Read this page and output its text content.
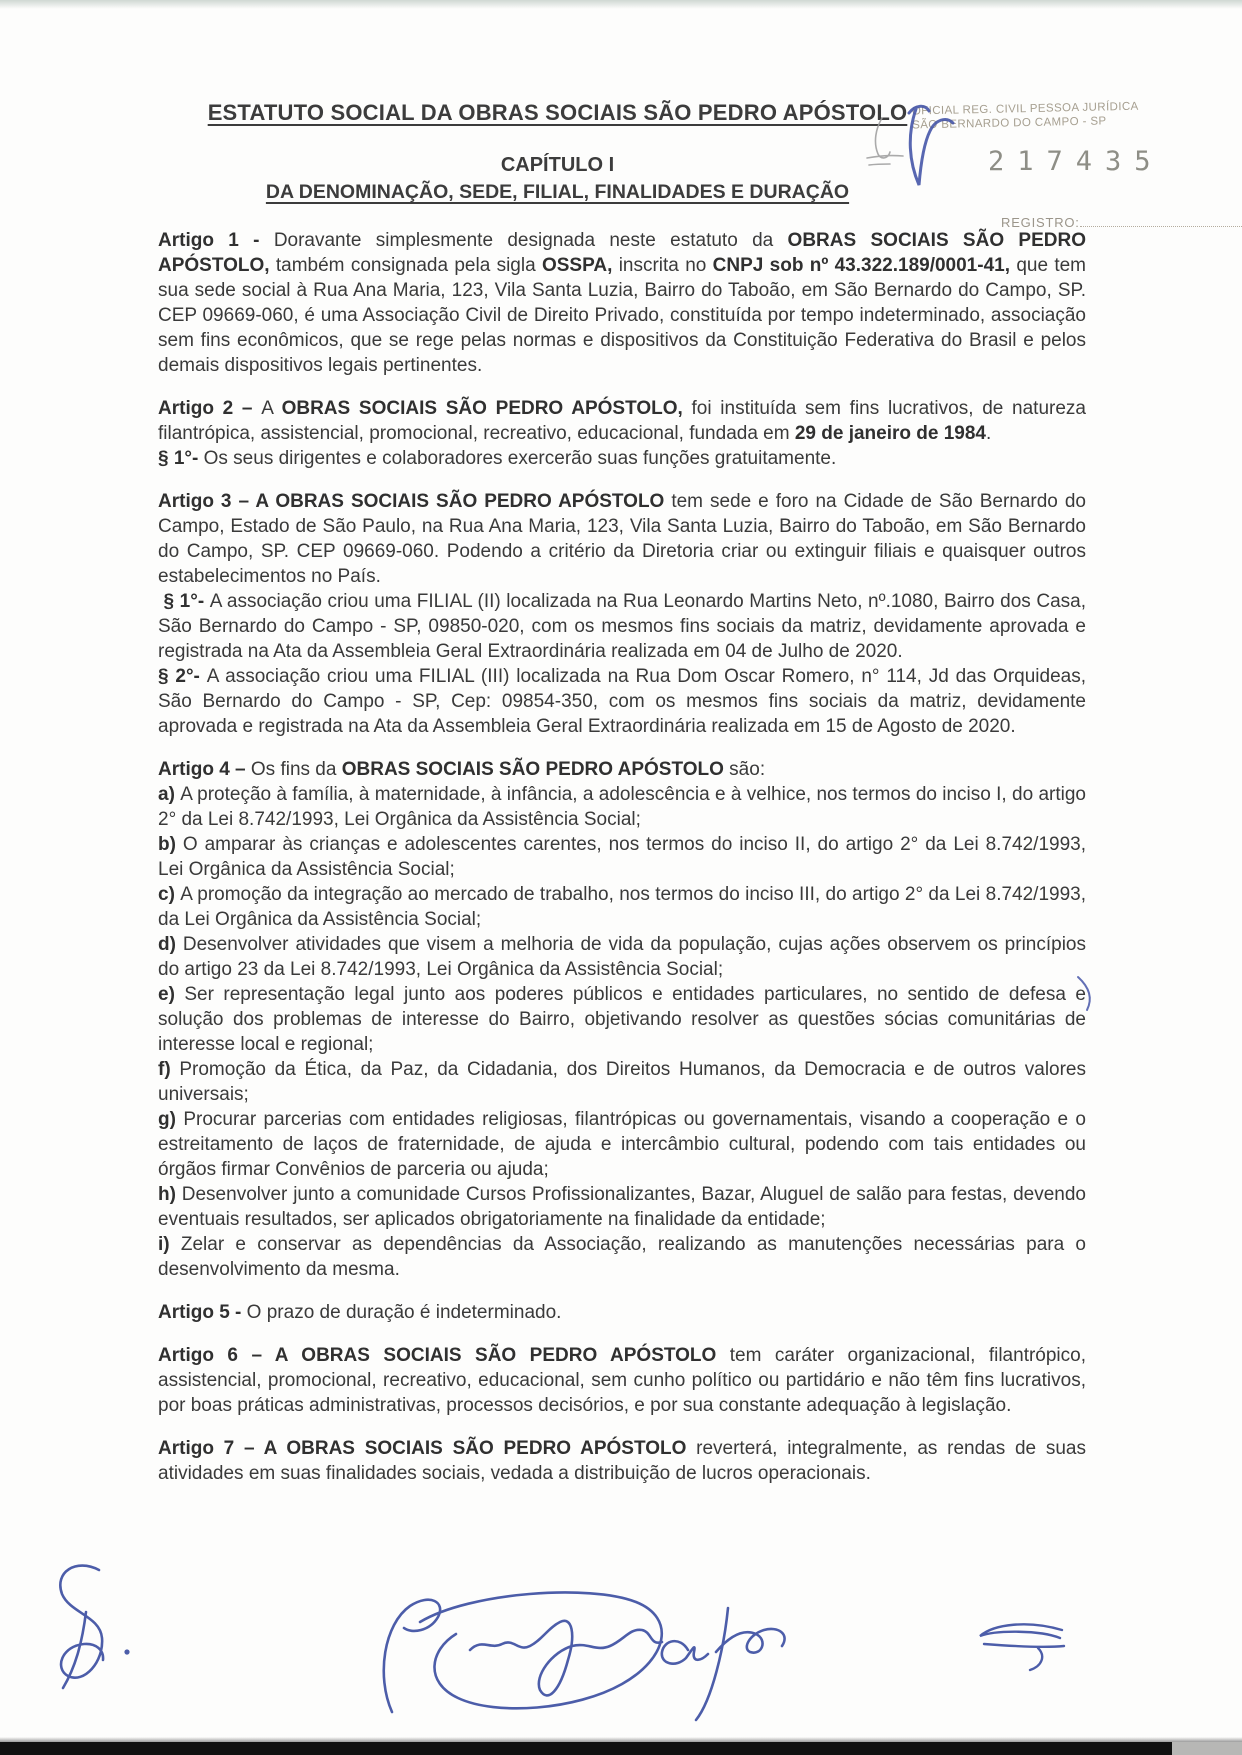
ESTATUTO SOCIAL DA OBRAS SOCIAIS SÃO PEDRO APÓSTOLO
CAPÍTULO I
DA DENOMINAÇÃO, SEDE, FILIAL, FINALIDADES E DURAÇÃO
OFICIAL REG. CIVIL PESSOA JURÍDICA
SÃO BERNARDO DO CAMPO - SP
217435
REGISTRO:

Artigo 1 - Doravante simplesmente designada neste estatuto da OBRAS SOCIAIS SÃO PEDRO APÓSTOLO, também consignada pela sigla OSSPA, inscrita no CNPJ sob nº 43.322.189/0001-41, que tem sua sede social à Rua Ana Maria, 123, Vila Santa Luzia, Bairro do Taboão, em São Bernardo do Campo, SP. CEP 09669-060, é uma Associação Civil de Direito Privado, constituída por tempo indeterminado, associação sem fins econômicos, que se rege pelas normas e dispositivos da Constituição Federativa do Brasil e pelos demais dispositivos legais pertinentes.

Artigo 2 – A OBRAS SOCIAIS SÃO PEDRO APÓSTOLO, foi instituída sem fins lucrativos, de natureza filantrópica, assistencial, promocional, recreativo, educacional, fundada em 29 de janeiro de 1984.

§ 1°- Os seus dirigentes e colaboradores exercerão suas funções gratuitamente.

Artigo 3 – A OBRAS SOCIAIS SÃO PEDRO APÓSTOLO tem sede e foro na Cidade de São Bernardo do Campo, Estado de São Paulo, na Rua Ana Maria, 123, Vila Santa Luzia, Bairro do Taboão, em São Bernardo do Campo, SP. CEP 09669-060. Podendo a critério da Diretoria criar ou extinguir filiais e quaisquer outros estabelecimentos no País.

§ 1°- A associação criou uma FILIAL (II) localizada na Rua Leonardo Martins Neto, nº.1080, Bairro dos Casa, São Bernardo do Campo - SP, 09850-020, com os mesmos fins sociais da matriz, devidamente aprovada e registrada na Ata da Assembleia Geral Extraordinária realizada em 04 de Julho de 2020.

§ 2°- A associação criou uma FILIAL (III) localizada na Rua Dom Oscar Romero, n° 114, Jd das Orquideas, São Bernardo do Campo - SP, Cep: 09854-350, com os mesmos fins sociais da matriz, devidamente aprovada e registrada na Ata da Assembleia Geral Extraordinária realizada em 15 de Agosto de 2020.

Artigo 4 – Os fins da OBRAS SOCIAIS SÃO PEDRO APÓSTOLO são:

a) A proteção à família, à maternidade, à infância, a adolescência e à velhice, nos termos do inciso I, do artigo 2° da Lei 8.742/1993, Lei Orgânica da Assistência Social;

b) O amparar às crianças e adolescentes carentes, nos termos do inciso II, do artigo 2° da Lei 8.742/1993, Lei Orgânica da Assistência Social;

c) A promoção da integração ao mercado de trabalho, nos termos do inciso III, do artigo 2° da Lei 8.742/1993, da Lei Orgânica da Assistência Social;

d) Desenvolver atividades que visem a melhoria de vida da população, cujas ações observem os princípios do artigo 23 da Lei 8.742/1993, Lei Orgânica da Assistência Social;

e) Ser representação legal junto aos poderes públicos e entidades particulares, no sentido de defesa e solução dos problemas de interesse do Bairro, objetivando resolver as questões sócias comunitárias de interesse local e regional;

f) Promoção da Ética, da Paz, da Cidadania, dos Direitos Humanos, da Democracia e de outros valores universais;

g) Procurar parcerias com entidades religiosas, filantrópicas ou governamentais, visando a cooperação e o estreitamento de laços de fraternidade, de ajuda e intercâmbio cultural, podendo com tais entidades ou órgãos firmar Convênios de parceria ou ajuda;

h) Desenvolver junto a comunidade Cursos Profissionalizantes, Bazar, Aluguel de salão para festas, devendo eventuais resultados, ser aplicados obrigatoriamente na finalidade da entidade;

i) Zelar e conservar as dependências da Associação, realizando as manutenções necessárias para o desenvolvimento da mesma.

Artigo 5 - O prazo de duração é indeterminado.

Artigo 6 – A OBRAS SOCIAIS SÃO PEDRO APÓSTOLO tem caráter organizacional, filantrópico, assistencial, promocional, recreativo, educacional, sem cunho político ou partidário e não têm fins lucrativos, por boas práticas administrativas, processos decisórios, e por sua constante adequação à legislação.

Artigo 7 – A OBRAS SOCIAIS SÃO PEDRO APÓSTOLO reverterá, integralmente, as rendas de suas atividades em suas finalidades sociais, vedada a distribuição de lucros operacionais.
